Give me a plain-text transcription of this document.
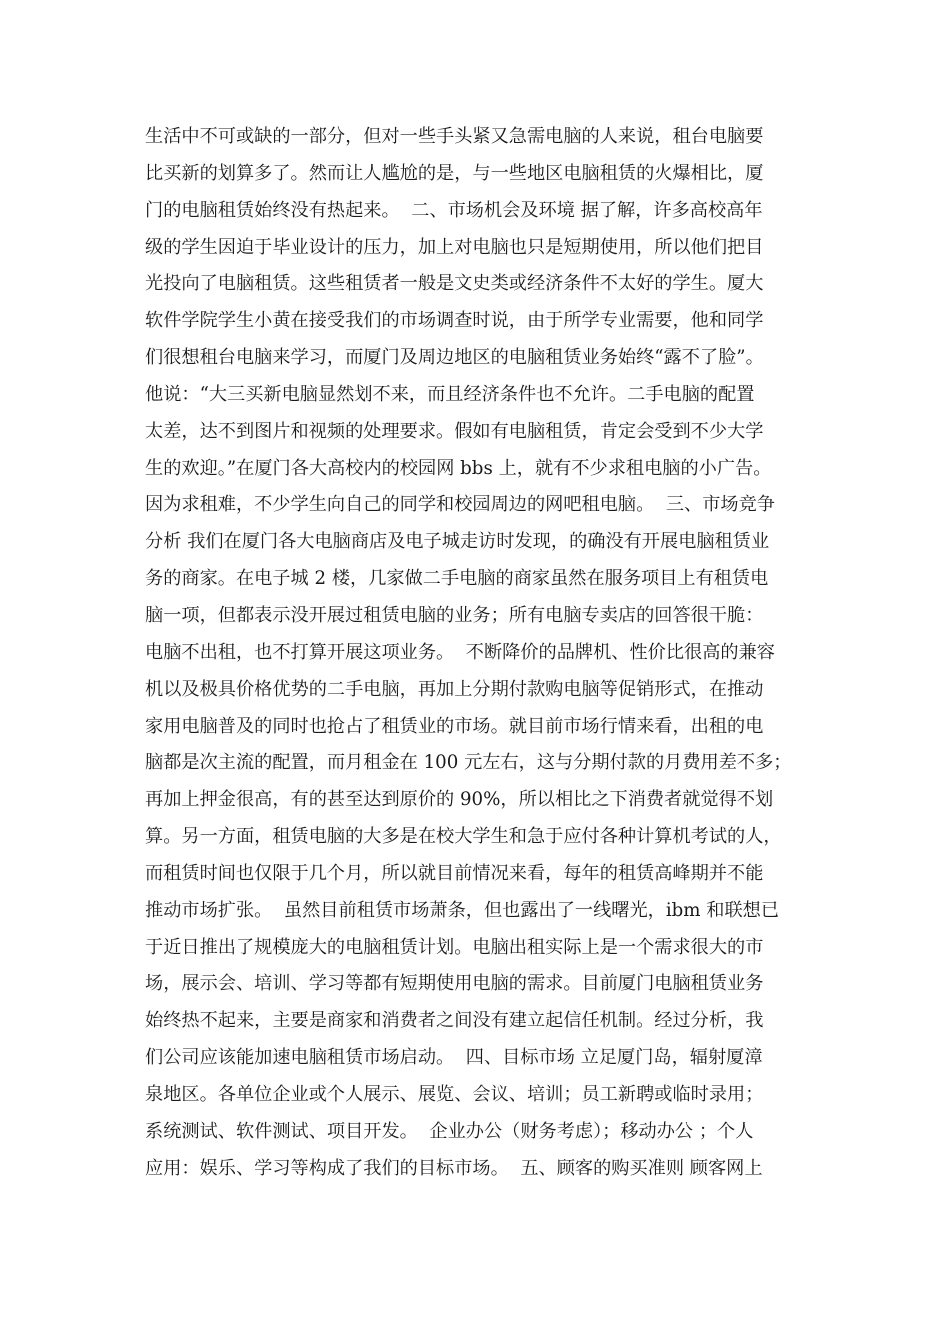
生活中不可或缺的一部分，但对一些手头紧又急需电脑的人来说，租台电脑要
比买新的划算多了。然而让人尴尬的是，与一些地区电脑租赁的火爆相比，厦
门的电脑租赁始终没有热起来。  二、市场机会及环境 据了解，许多高校高年
级的学生因迫于毕业设计的压力，加上对电脑也只是短期使用，所以他们把目
光投向了电脑租赁。这些租赁者一般是文史类或经济条件不太好的学生。厦大
软件学院学生小黄在接受我们的市场调查时说，由于所学专业需要，他和同学
们很想租台电脑来学习，而厦门及周边地区的电脑租赁业务始终“露不了脸”。
他说：“大三买新电脑显然划不来，而且经济条件也不允许。二手电脑的配置
太差，达不到图片和视频的处理要求。假如有电脑租赁，肯定会受到不少大学
生的欢迎。”在厦门各大高校内的校园网 bbs 上，就有不少求租电脑的小广告。
因为求租难，不少学生向自己的同学和校园周边的网吧租电脑。  三、市场竞争
分析 我们在厦门各大电脑商店及电子城走访时发现，的确没有开展电脑租赁业
务的商家。在电子城 2 楼，几家做二手电脑的商家虽然在服务项目上有租赁电
脑一项，但都表示没开展过租赁电脑的业务；所有电脑专卖店的回答很干脆：
电脑不出租，也不打算开展这项业务。  不断降价的品牌机、性价比很高的兼容
机以及极具价格优势的二手电脑，再加上分期付款购电脑等促销形式，在推动
家用电脑普及的同时也抢占了租赁业的市场。就目前市场行情来看，出租的电
脑都是次主流的配置，而月租金在 100 元左右，这与分期付款的月费用差不多；
再加上押金很高，有的甚至达到原价的 90%，所以相比之下消费者就觉得不划
算。另一方面，租赁电脑的大多是在校大学生和急于应付各种计算机考试的人，
而租赁时间也仅限于几个月，所以就目前情况来看，每年的租赁高峰期并不能
推动市场扩张。  虽然目前租赁市场萧条，但也露出了一线曙光，ibm 和联想已
于近日推出了规模庞大的电脑租赁计划。电脑出租实际上是一个需求很大的市
场，展示会、培训、学习等都有短期使用电脑的需求。目前厦门电脑租赁业务
始终热不起来，主要是商家和消费者之间没有建立起信任机制。经过分析，我
们公司应该能加速电脑租赁市场启动。  四、目标市场 立足厦门岛，辐射厦漳
泉地区。各单位企业或个人展示、展览、会议、培训；员工新聘或临时录用；
系统测试、软件测试、项目开发。  企业办公（财务考虑）；移动办公 ；个人
应用：娱乐、学习等构成了我们的目标市场。  五、顾客的购买准则 顾客网上
